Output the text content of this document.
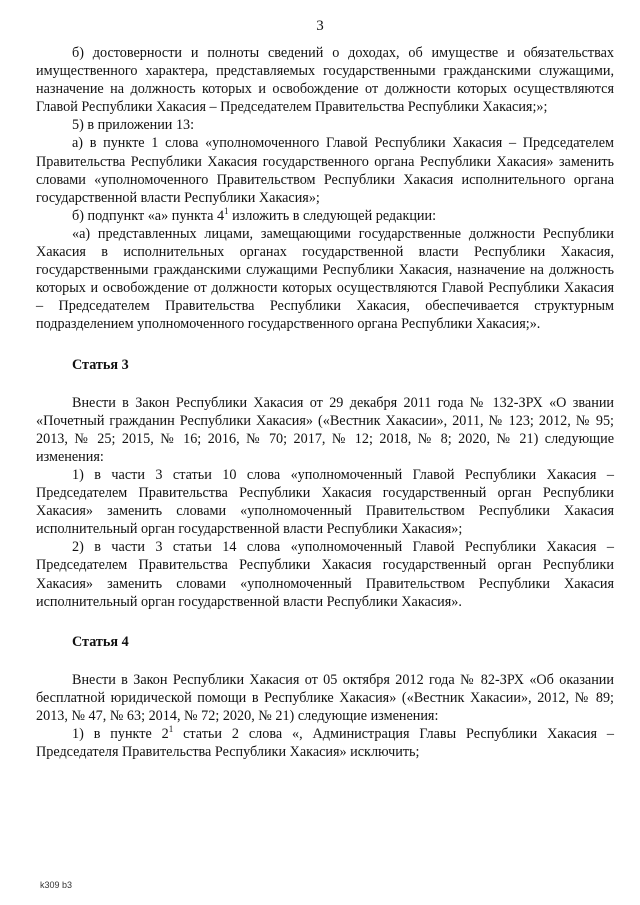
3

б) достоверности и полноты сведений о доходах, об имуществе и обязательствах имущественного характера, представляемых государственными гражданскими служащими, назначение на должность которых и освобождение от должности которых осуществляются Главой Республики Хакасия – Председателем Правительства Республики Хакасия;»;

5) в приложении 13:

а) в пункте 1 слова «уполномоченного Главой Республики Хакасия – Председателем Правительства Республики Хакасия государственного органа Республики Хакасия» заменить словами «уполномоченного Правительством Республики Хакасия исполнительного органа государственной власти Республики Хакасия»;

б) подпункт «а» пункта $4^1$ изложить в следующей редакции:

«а) представленных лицами, замещающими государственные должности Республики Хакасия в исполнительных органах государственной власти Республики Хакасия, государственными гражданскими служащими Республики Хакасия, назначение на должность которых и освобождение от должности которых осуществляются Главой Республики Хакасия – Председателем Правительства Республики Хакасия, обеспечивается структурным подразделением уполномоченного государственного органа Республики Хакасия;».

Статья 3

Внести в Закон Республики Хакасия от 29 декабря 2011 года № 132-ЗРХ «О звании «Почетный гражданин Республики Хакасия» («Вестник Хакасии», 2011, № 123; 2012, № 95; 2013, № 25; 2015, № 16; 2016, № 70; 2017, № 12; 2018, № 8; 2020, № 21) следующие изменения:

1) в части 3 статьи 10 слова «уполномоченный Главой Республики Хакасия – Председателем Правительства Республики Хакасия государственный орган Республики Хакасия» заменить словами «уполномоченный Правительством Республики Хакасия исполнительный орган государственной власти Республики Хакасия»;

2) в части 3 статьи 14 слова «уполномоченный Главой Республики Хакасия – Председателем Правительства Республики Хакасия государственный орган Республики Хакасия» заменить словами «уполномоченный Правительством Республики Хакасия исполнительный орган государственной власти Республики Хакасия».

Статья 4

Внести в Закон Республики Хакасия от 05 октября 2012 года № 82-ЗРХ «Об оказании бесплатной юридической помощи в Республике Хакасия» («Вестник Хакасии», 2012, № 89; 2013, № 47, № 63; 2014, № 72; 2020, № 21) следующие изменения:

1) в пункте $2^1$ статьи 2 слова «, Администрация Главы Республики Хакасия – Председателя Правительства Республики Хакасия» исключить;

k309 b3
